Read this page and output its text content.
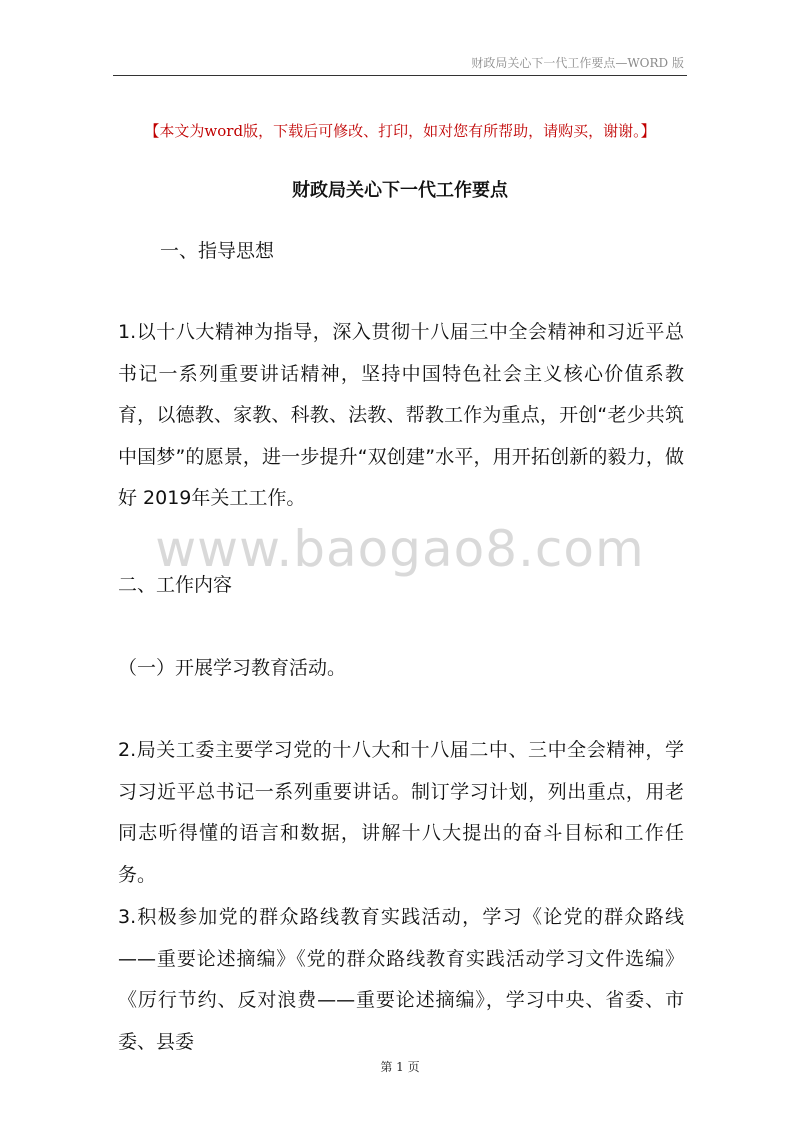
财政局关心下一代工作要点—WORD 版
【本文为word版，下载后可修改、打印，如对您有所帮助，请购买，谢谢。】
财政局关心下一代工作要点
一、指导思想
1.以十八大精神为指导，深入贯彻十八届三中全会精神和习近平总书记一系列重要讲话精神，坚持中国特色社会主义核心价值系教育，以德教、家教、科教、法教、帮教工作为重点，开创“老少共筑中国梦”的愿景，进一步提升“双创建”水平，用开拓创新的毅力，做好 2019年关工工作。
www.baogao8.com
二、工作内容
（一）开展学习教育活动。
2.局关工委主要学习党的十八大和十八届二中、三中全会精神，学习习近平总书记一系列重要讲话。制订学习计划，列出重点，用老同志听得懂的语言和数据，讲解十八大提出的奋斗目标和工作任务。
3.积极参加党的群众路线教育实践活动，学习《论党的群众路线——重要论述摘编》《党的群众路线教育实践活动学习文件选编》《厉行节约、反对浪费——重要论述摘编》，学习中央、省委、市委、县委
第 1 页
